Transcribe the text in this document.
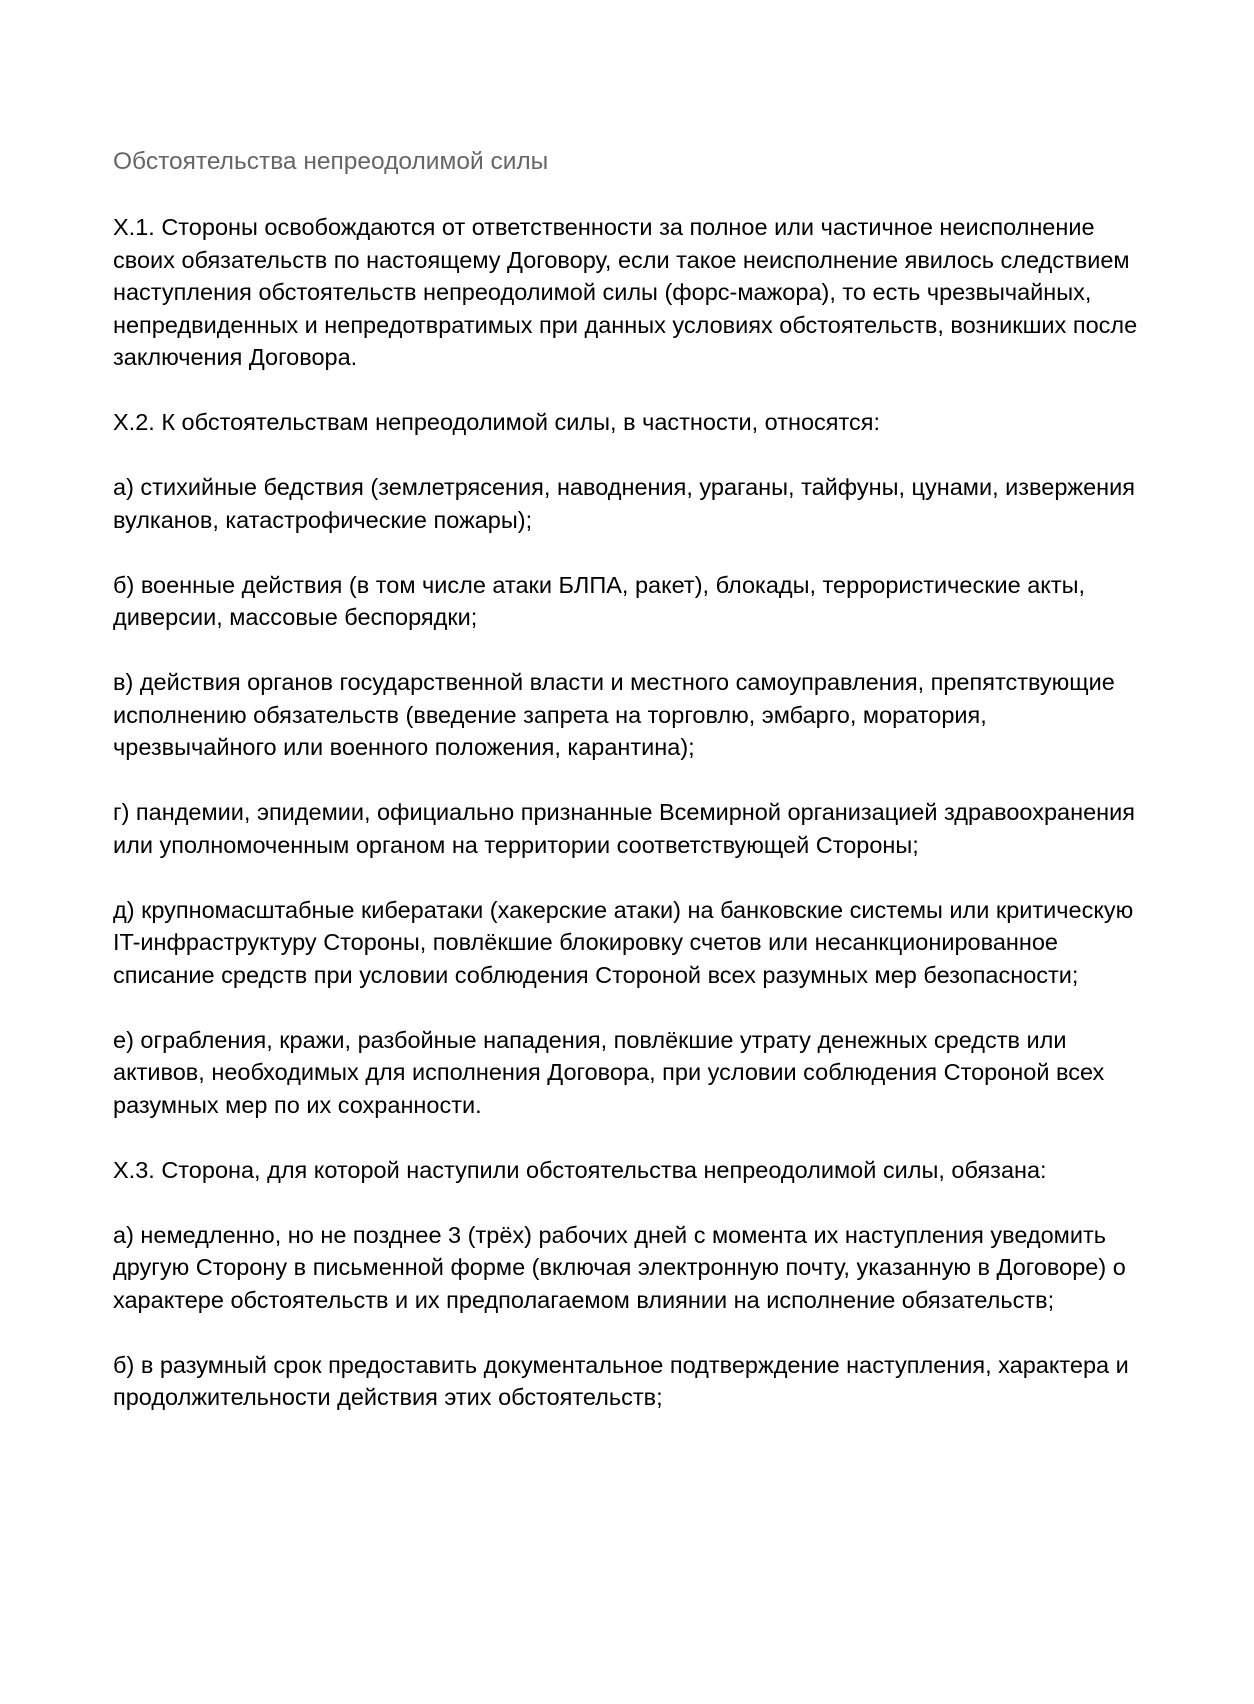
Обстоятельства непреодолимой силы

X.1. Стороны освобождаются от ответственности за полное или частичное неисполнение своих обязательств по настоящему Договору, если такое неисполнение явилось следствием наступления обстоятельств непреодолимой силы (форс-мажора), то есть чрезвычайных, непредвиденных и непредотвратимых при данных условиях обстоятельств, возникших после заключения Договора.

X.2. К обстоятельствам непреодолимой силы, в частности, относятся:

а) стихийные бедствия (землетрясения, наводнения, ураганы, тайфуны, цунами, извержения вулканов, катастрофические пожары);

б) военные действия (в том числе атаки БЛПА, ракет), блокады, террористические акты, диверсии, массовые беспорядки;

в) действия органов государственной власти и местного самоуправления, препятствующие исполнению обязательств (введение запрета на торговлю, эмбарго, моратория, чрезвычайного или военного положения, карантина);

г) пандемии, эпидемии, официально признанные Всемирной организацией здравоохранения или уполномоченным органом на территории соответствующей Стороны;

д) крупномасштабные кибератаки (хакерские атаки) на банковские системы или критическую IT-инфраструктуру Стороны, повлёкшие блокировку счетов или несанкционированное списание средств при условии соблюдения Стороной всех разумных мер безопасности;

е) ограбления, кражи, разбойные нападения, повлёкшие утрату денежных средств или активов, необходимых для исполнения Договора, при условии соблюдения Стороной всех разумных мер по их сохранности.

X.3. Сторона, для которой наступили обстоятельства непреодолимой силы, обязана:

а) немедленно, но не позднее 3 (трёх) рабочих дней с момента их наступления уведомить другую Сторону в письменной форме (включая электронную почту, указанную в Договоре) о характере обстоятельств и их предполагаемом влиянии на исполнение обязательств;

б) в разумный срок предоставить документальное подтверждение наступления, характера и продолжительности действия этих обстоятельств;
